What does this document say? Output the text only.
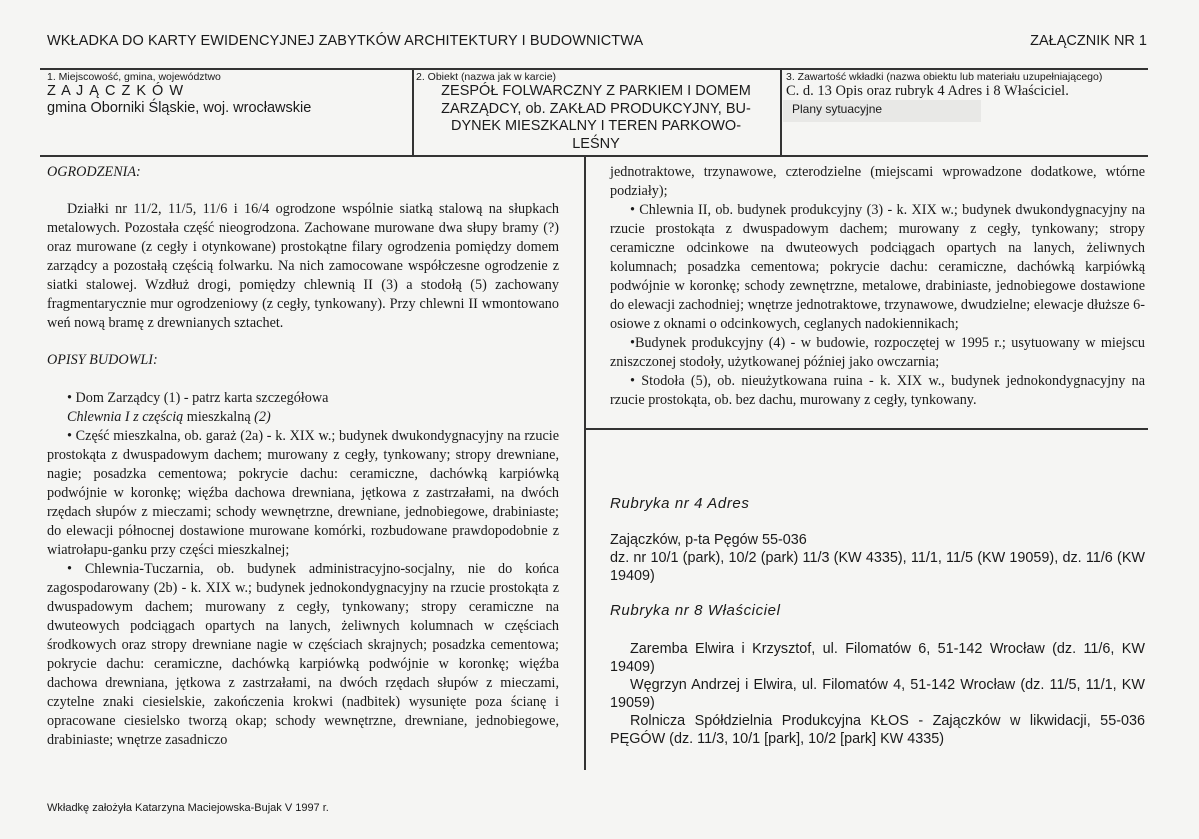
WKŁADKA DO KARTY EWIDENCYJNEJ ZABYTKÓW ARCHITEKTURY I BUDOWNICTWA	ZAŁĄCZNIK NR 1
1. Miejscowość, gmina, województwo
Z A J Ą C Z K Ó W
gmina Oborniki Śląskie, woj. wrocławskie
2. Obiekt (nazwa jak w karcie)
ZESPÓŁ FOLWARCZNY Z PARKIEM I DOMEM
ZARZĄDCY, ob. ZAKŁAD PRODUKCYJNY, BU-
DYNEK MIESZKALNY I TEREN PARKOWO-
LEŚNY
3. Zawartość wkładki (nazwa obiektu lub materiału uzupełniającego)
C. d. 13 Opis oraz rubryk 4 Adres i 8 Właściciel.
Plany sytuacyjne

OGRODZENIA:

Działki nr 11/2, 11/5, 11/6 i 16/4 ogrodzone wspólnie siatką stalową na słupkach metalowych. Pozostała część nieogrodzona. Zachowane murowane dwa słupy bramy (?) oraz murowane (z cegły i otynkowane) prostokątne filary ogrodzenia pomiędzy domem zarządcy a pozostałą częścią folwarku. Na nich zamocowane współczesne ogrodzenie z siatki stalowej. Wzdłuż drogi, pomiędzy chlewnią II (3) a stodołą (5) zachowany fragmentarycznie mur ogrodzeniowy (z cegły, tynkowany). Przy chlewni II wmontowano weń nową bramę z drewnianych sztachet.

OPISY BUDOWLI:

• Dom Zarządcy (1) - patrz karta szczegółowa

Chlewnia I z częścią mieszkalną (2)

• Część mieszkalna, ob. garaż (2a) - k. XIX w.; budynek dwukondygnacyjny na rzucie prostokąta z dwuspadowym dachem; murowany z cegły, tynkowany; stropy drewniane, nagie; posadzka cementowa; pokrycie dachu: ceramiczne, dachówką karpiówką podwójnie w koronkę; więźba dachowa drewniana, jętkowa z zastrzałami, na dwóch rzędach słupów z mieczami; schody wewnętrzne, drewniane, jednobiegowe, drabiniaste; do elewacji północnej dostawione murowane komórki, rozbudowane prawdopodobnie z wiatrołapu-ganku przy części mieszkalnej;

• Chlewnia-Tuczarnia, ob. budynek administracyjno-socjalny, nie do końca zagospodarowany (2b) - k. XIX w.; budynek jednokondygnacyjny na rzucie prostokąta z dwuspadowym dachem; murowany z cegły, tynkowany; stropy ceramiczne na dwuteowych podciągach opartych na lanych, żeliwnych kolumnach w częściach środkowych oraz stropy drewniane nagie w częściach skrajnych; posadzka cementowa; pokrycie dachu: ceramiczne, dachówką karpiówką podwójnie w koronkę; więźba dachowa drewniana, jętkowa z zastrzałami, na dwóch rzędach słupów z mieczami, czytelne znaki ciesielskie, zakończenia krokwi (nadbitek) wysunięte poza ścianę i opracowane ciesielsko tworzą okap; schody wewnętrzne, drewniane, jednobiegowe, drabiniaste; wnętrze zasadniczo

jednotraktowe, trzynawowe, czterodzielne (miejscami wprowadzone dodatkowe, wtórne podziały);

• Chlewnia II, ob. budynek produkcyjny (3) - k. XIX w.; budynek dwukondygnacyjny na rzucie prostokąta z dwuspadowym dachem; murowany z cegły, tynkowany; stropy ceramiczne odcinkowe na dwuteowych podciągach opartych na lanych, żeliwnych kolumnach; posadzka cementowa; pokrycie dachu: ceramiczne, dachówką karpiówką podwójnie w koronkę; schody zewnętrzne, metalowe, drabiniaste, jednobiegowe dostawione do elewacji zachodniej; wnętrze jednotraktowe, trzynawowe, dwudzielne; elewacje dłuższe 6-osiowe z oknami o odcinkowych, ceglanych nadokiennikach;

•Budynek produkcyjny (4) - w budowie, rozpoczętej w 1995 r.; usytuowany w miejscu zniszczonej stodoły, użytkowanej później jako owczarnia;

• Stodoła (5), ob. nieużytkowana ruina - k. XIX w., budynek jednokondygnacyjny na rzucie prostokąta, ob. bez dachu, murowany z cegły, tynkowany.

Rubryka nr 4 Adres
Zajączków, p-ta Pęgów 55-036
dz. nr 10/1 (park), 10/2 (park) 11/3 (KW 4335), 11/1, 11/5 (KW 19059), dz. 11/6 (KW 19409)
Rubryka nr 8 Właściciel
Zaremba Elwira i Krzysztof, ul. Filomatów 6, 51-142 Wrocław (dz. 11/6, KW 19409)
Węgrzyn Andrzej i Elwira, ul. Filomatów 4, 51-142 Wrocław (dz. 11/5, 11/1, KW 19059)
Rolnicza Spółdzielnia Produkcyjna KŁOS - Zajączków w likwidacji, 55-036 PĘGÓW (dz. 11/3, 10/1 [park], 10/2 [park] KW 4335)
Wkładkę założyła Katarzyna Maciejowska-Bujak V 1997 r.
